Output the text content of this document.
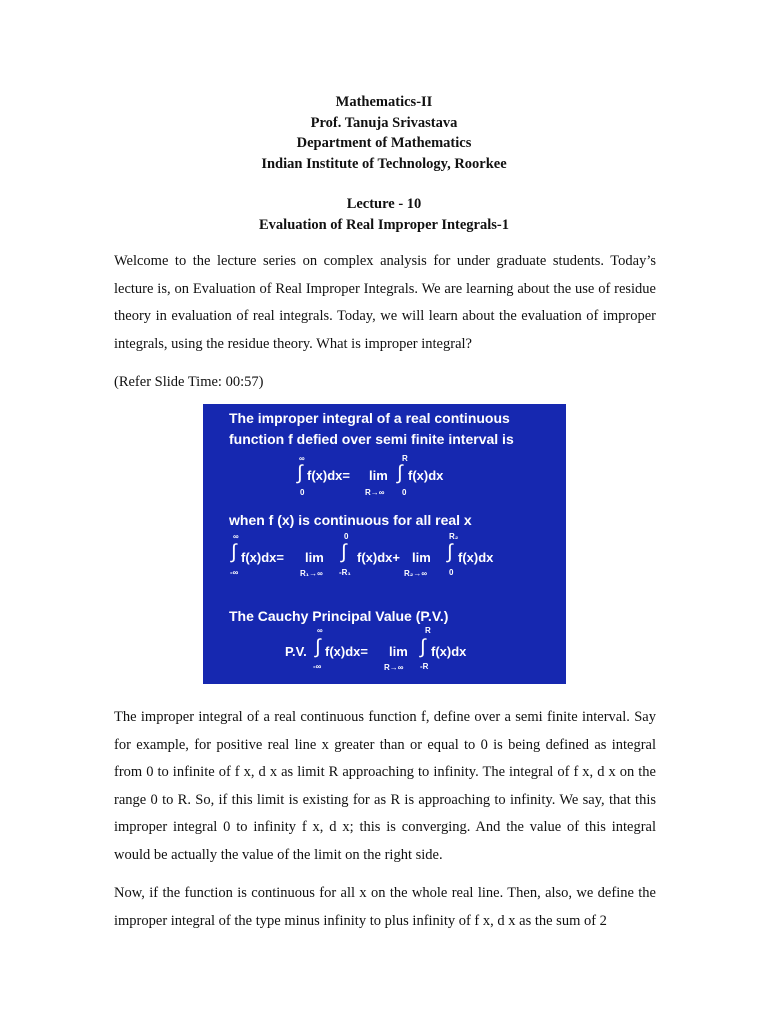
Mathematics-II
Prof. Tanuja Srivastava
Department of Mathematics
Indian Institute of Technology, Roorkee
Lecture - 10
Evaluation of Real Improper Integrals-1
Welcome to the lecture series on complex analysis for under graduate students. Today’s lecture is, on Evaluation of Real Improper Integrals. We are learning about the use of residue theory in evaluation of real integrals. Today, we will learn about the evaluation of improper integrals, using the residue theory. What is improper integral?
(Refer Slide Time: 00:57)
The improper integral of a real continuous
function f defied over semi finite interval is
∞
∫
0
f(x)dx= lim
R→∞
R
∫
0
f(x)dx
when f (x) is continuous for all real x
∞
∫
-∞
f(x)dx= lim
R₁→∞
0
∫
-R₁
f(x)dx+ lim
R₂→∞
R₂
∫
0
f(x)dx
The Cauchy Principal Value (P.V.)
P.V.
∞
∫
-∞
f(x)dx= lim
R→∞
R
∫
-R
f(x)dx
The improper integral of a real continuous function f, define over a semi finite interval. Say for example, for positive real line x greater than or equal to 0 is being defined as integral from 0 to infinite of f x, d x as limit R approaching to infinity. The integral of f x, d x on the range 0 to R. So, if this limit is existing for as R is approaching to infinity. We say, that this improper integral 0 to infinity f x, d x; this is converging. And the value of this integral would be actually the value of the limit on the right side.
Now, if the function is continuous for all x on the whole real line. Then, also, we define the improper integral of the type minus infinity to plus infinity of f x, d x as the sum of 2
